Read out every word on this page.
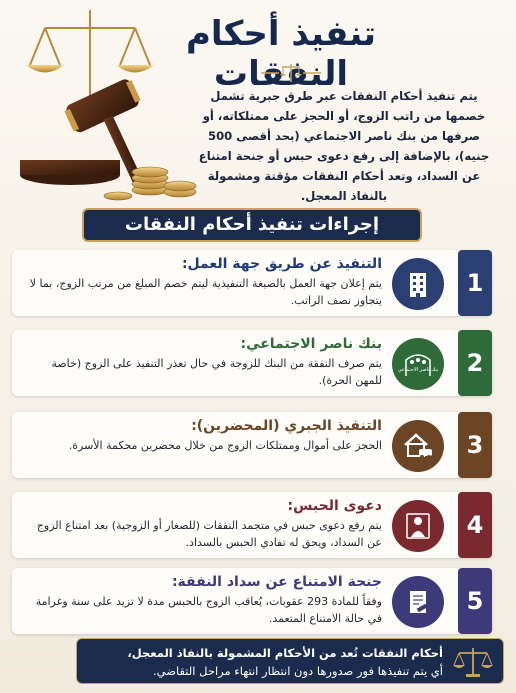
تنفيذ أحكام النفقات
يتم تنفيذ أحكام النفقات عبر طرق جبرية تشمل خصمها من راتب الزوج، أو الحجز على ممتلكاته، أو صرفها من بنك ناصر الاجتماعي (بحد أقصى 500 جنيه)، بالإضافة إلى رفع دعوى حبس أو جنحة امتناع عن السداد، وتعد أحكام النفقات مؤقتة ومشمولة بالنفاذ المعجل.
إجراءات تنفيذ أحكام النفقات
1
التنفيذ عن طريق جهة العمل:
يتم إعلان جهة العمل بالصيغة التنفيذية ليتم خصم المبلغ من مرتب الزوج، بما لا يتجاوز نصف الراتب.
2
بنك ناصر الاجتماعي
بنك ناصر الاجتماعي:
يتم صرف النفقة من البنك للزوجة في حال تعذر التنفيذ على الزوج (خاصة للمهن الحرة).
3
التنفيذ الجبري (المحضرين):
الحجز على أموال وممتلكات الزوج من خلال محضرين محكمة الأسرة.
4
دعوى الحبس:
يتم رفع دعوى حبس في متجمد النفقات (للصغار أو الزوجية) بعد امتناع الزوج عن السداد، ويحق له تفادي الحبس بالسداد.
5
جنحة الامتناع عن سداد النفقة:
وفقاً للمادة 293 عقوبات، يُعاقب الزوج بالحبس مدة لا تزيد على سنة وغرامة في حالة الامتناع المتعمد.
أحكام النفقات تُعد من الأحكام المشمولة بالنفاذ المعجل،
أي يتم تنفيذها فور صدورها دون انتظار انتهاء مراحل التقاضي.
